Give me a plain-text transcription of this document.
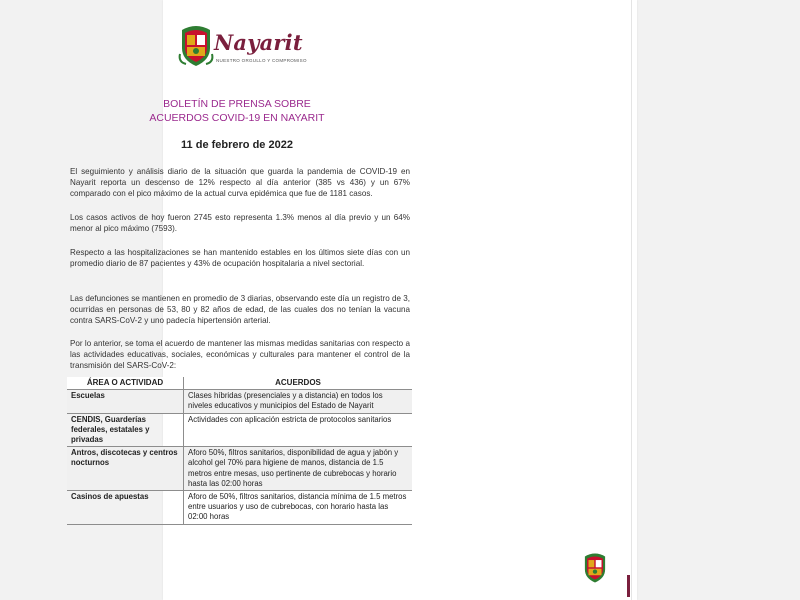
Nayarit
NUESTRO ORGULLO Y COMPROMISO
BOLETÍN DE PRENSA SOBRE
ACUERDOS COVID-19 EN NAYARIT
11 de febrero de 2022

El seguimiento y análisis diario de la situación que guarda la pandemia de COVID-19 en Nayarit reporta un descenso de 12% respecto al día anterior (385 vs 436) y un 67% comparado con el pico máximo de la actual curva epidémica que fue de 1181 casos.

Los casos activos de hoy fueron 2745 esto representa 1.3% menos al día previo y un 64% menor al pico máximo (7593).

Respecto a las hospitalizaciones se han mantenido estables en los últimos siete días con un promedio diario de 87 pacientes y 43% de ocupación hospitalaria a nivel sectorial.

Las defunciones se mantienen en promedio de 3 diarias, observando este día un registro de 3, ocurridas en personas de 53, 80 y 82 años de edad, de las cuales dos no tenían la vacuna contra SARS-CoV-2 y uno padecía hipertensión arterial.

Por lo anterior, se toma el acuerdo de mantener las mismas medidas sanitarias con respecto a las actividades educativas, sociales, económicas y culturales para mantener el control de la transmisión del SARS-CoV-2:

ÁREA O ACTIVIDAD	ACUERDOS
Escuelas	Clases híbridas (presenciales y a distancia) en todos los niveles educativos y municipios del Estado de Nayarit
CENDIS, Guarderías federales, estatales y privadas	Actividades con aplicación estricta de protocolos sanitarios
Antros, discotecas y centros nocturnos	Aforo 50%, filtros sanitarios, disponibilidad de agua y jabón y alcohol gel 70% para higiene de manos, distancia de 1.5 metros entre mesas, uso pertinente de cubrebocas y horario hasta las 02:00 horas
Casinos de apuestas	Aforo de 50%, filtros sanitarios, distancia mínima de 1.5 metros entre usuarios y uso de cubrebocas, con horario hasta las 02:00 horas
